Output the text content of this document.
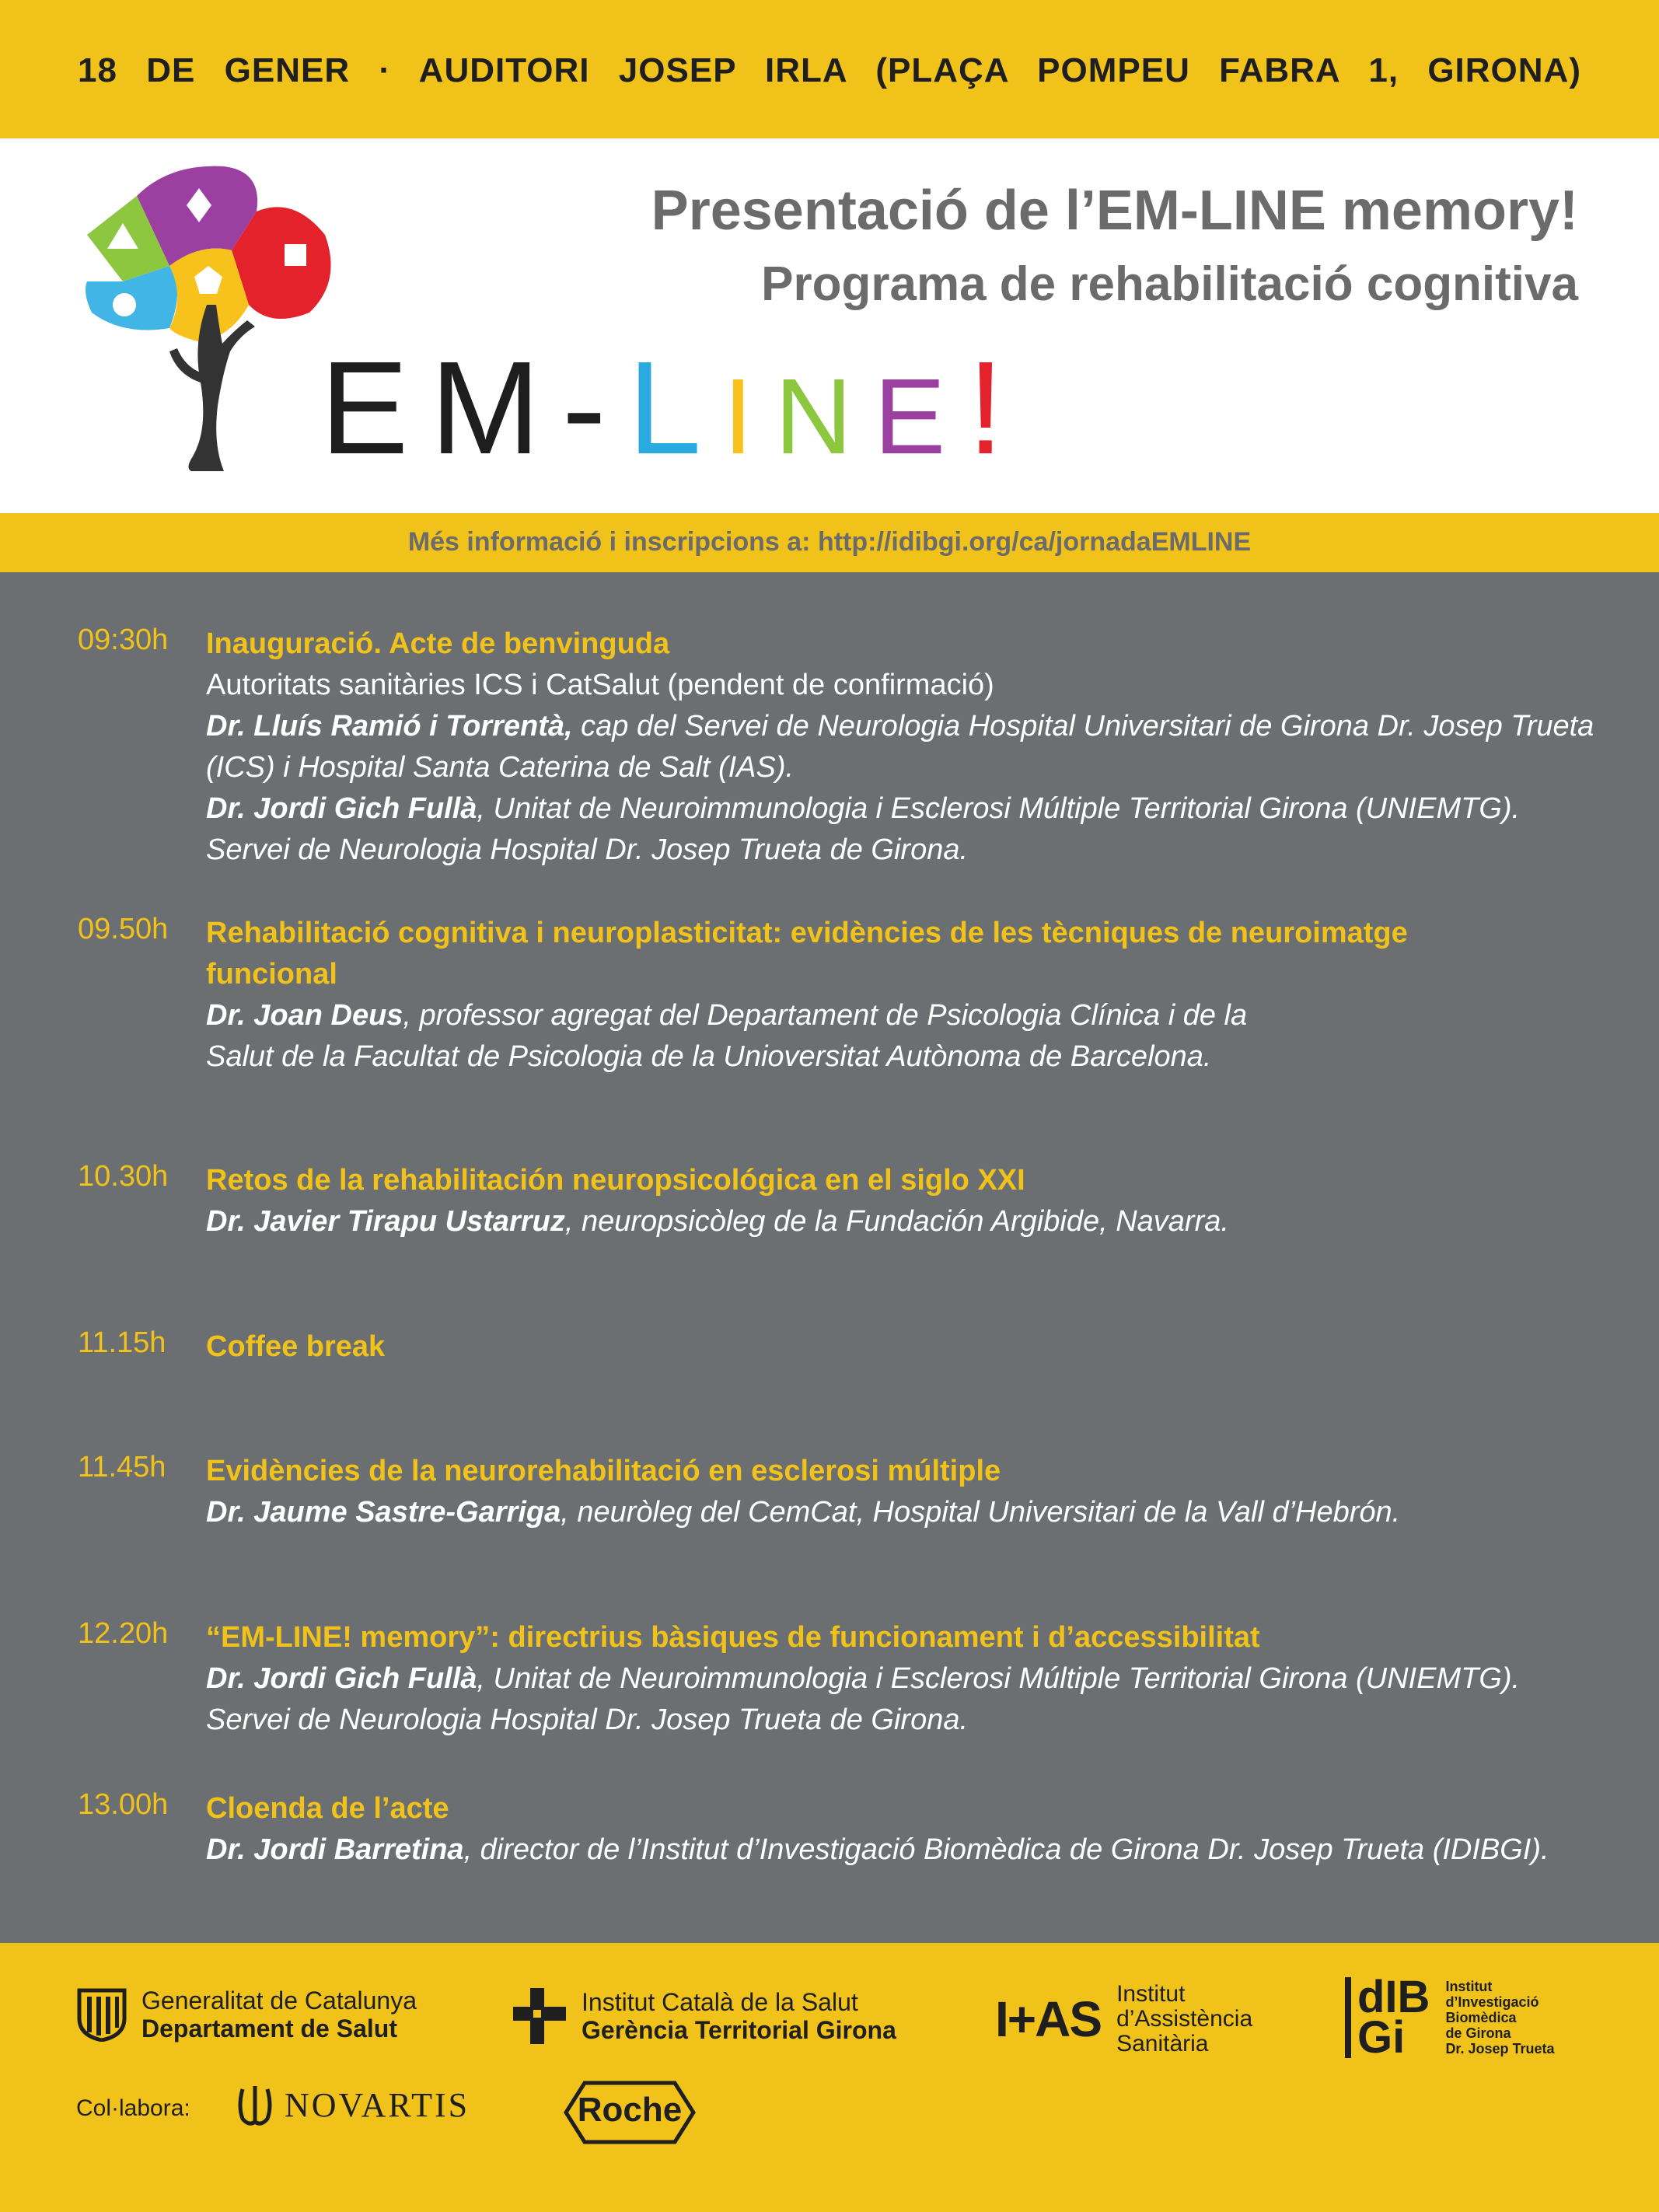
18 DE GENER · AUDITORI JOSEP IRLA (PLAÇA POMPEU FABRA 1, GIRONA)
EM-LINE!
Presentació de l’EM-LINE memory!
Programa de rehabilitació cognitiva
Més informació i inscripcions a: http://idibgi.org/ca/jornadaEMLINE
09:30h Inauguració. Acte de benvinguda

Autoritats sanitàries ICS i CatSalut (pendent de confirmació)

Dr. Lluís Ramió i Torrentà, cap del Servei de Neurologia Hospital Universitari de Girona Dr. Josep Trueta (ICS) i Hospital Santa Caterina de Salt (IAS).

Dr. Jordi Gich Fullà, Unitat de Neuroimmunologia i Esclerosi Múltiple Territorial Girona (UNIEMTG). Servei de Neurologia Hospital Dr. Josep Trueta de Girona.

09.50h Rehabilitació cognitiva i neuroplasticitat: evidències de les tècniques de neuroimatge funcional

Dr. Joan Deus, professor agregat del Departament de Psicologia Clínica i de la Salut de la Facultat de Psicologia de la Unioversitat Autònoma de Barcelona.

10.30h Retos de la rehabilitación neuropsicológica en el siglo XXI

Dr. Javier Tirapu Ustarruz, neuropsicòleg de la Fundación Argibide, Navarra.

11.15h Coffee break

11.45h Evidències de la neurorehabilitació en esclerosi múltiple

Dr. Jaume Sastre-Garriga, neuròleg del CemCat, Hospital Universitari de la Vall d’Hebrón.

12.20h “EM-LINE! memory”: directrius bàsiques de funcionament i d’accessibilitat

Dr. Jordi Gich Fullà, Unitat de Neuroimmunologia i Esclerosi Múltiple Territorial Girona (UNIEMTG). Servei de Neurologia Hospital Dr. Josep Trueta de Girona.

13.00h Cloenda de l’acte

Dr. Jordi Barretina, director de l’Institut d’Investigació Biomèdica de Girona Dr. Josep Trueta (IDIBGI).

Generalitat de Catalunya
Departament de Salut
Institut Català de la Salut
Gerència Territorial Girona I+AS Institut
d’Assistència
Sanitària
dIB
Gi
Institut
d’Investigació
Biomèdica
de Girona
Dr. Josep Trueta
Col·labora:	NOVARTIS	Roche
